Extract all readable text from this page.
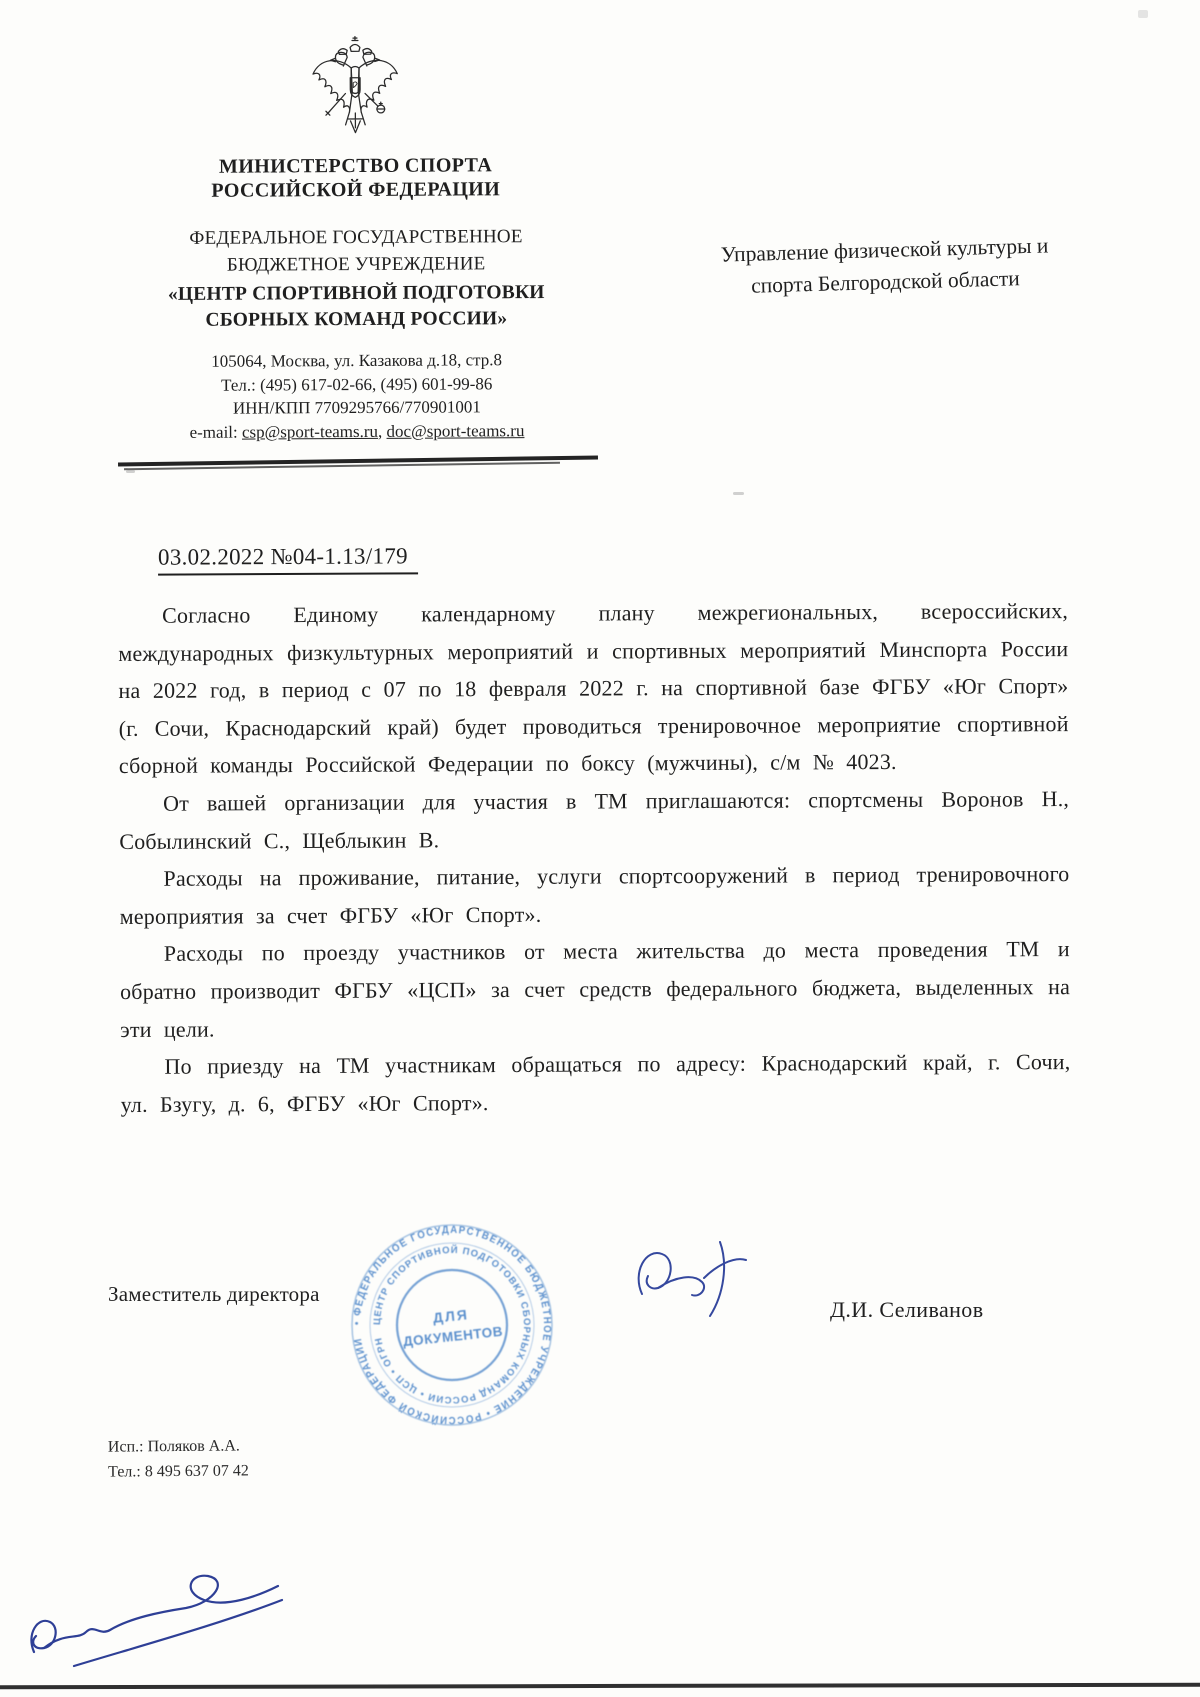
МИНИСТЕРСТВО СПОРТА
РОССИЙСКОЙ ФЕДЕРАЦИИ
ФЕДЕРАЛЬНОЕ ГОСУДАРСТВЕННОЕ
БЮДЖЕТНОЕ УЧРЕЖДЕНИЕ
«ЦЕНТР СПОРТИВНОЙ ПОДГОТОВКИ
СБОРНЫХ КОМАНД РОССИИ»
105064, Москва, ул. Казакова д.18, стр.8
Тел.: (495) 617-02-66, (495) 601-99-86
ИНН/КПП 7709295766/770901001
e-mail: csp@sport-teams.ru, doc@sport-teams.ru
Управление физической культуры и
спорта Белгородской области
03.02.2022 №04-1.13/179

Согласно Единому календарному плану межрегиональных, всероссийских, международных физкультурных мероприятий и спортивных мероприятий Минспорта России на 2022 год, в период с 07 по 18 февраля 2022 г. на спортивной базе ФГБУ «Юг Спорт» (г. Сочи, Краснодарский край) будет проводиться тренировочное мероприятие спортивной сборной команды Российской Федерации по боксу (мужчины), с/м № 4023.

От вашей организации для участия в ТМ приглашаются: спортсмены Воронов Н., Собылинский С., Щеблыкин В.

Расходы на проживание, питание, услуги спортсооружений в период тренировочного мероприятия за счет ФГБУ «Юг Спорт».

Расходы по проезду участников от места жительства до места проведения ТМ и обратно производит ФГБУ «ЦСП» за счет средств федерального бюджета, выделенных на эти цели.

По приезду на ТМ участникам обращаться по адресу: Краснодарский край, г. Сочи, ул. Бзугу, д. 6, ФГБУ «Юг Спорт».

Заместитель директора
• ФЕДЕРАЛЬНОЕ ГОСУДАРСТВЕННОЕ БЮДЖЕТНОЕ УЧРЕЖДЕНИЕ • РОССИЙСКОЙ ФЕДЕРАЦИИ
ЦЕНТР СПОРТИВНОЙ ПОДГОТОВКИ СБОРНЫХ КОМАНД РОССИИ • ЦСП • ОГРН
ДЛЯ
ДОКУМЕНТОВ
Д.И. Селиванов
Исп.: Поляков А.А.
Тел.: 8 495 637 07 42
